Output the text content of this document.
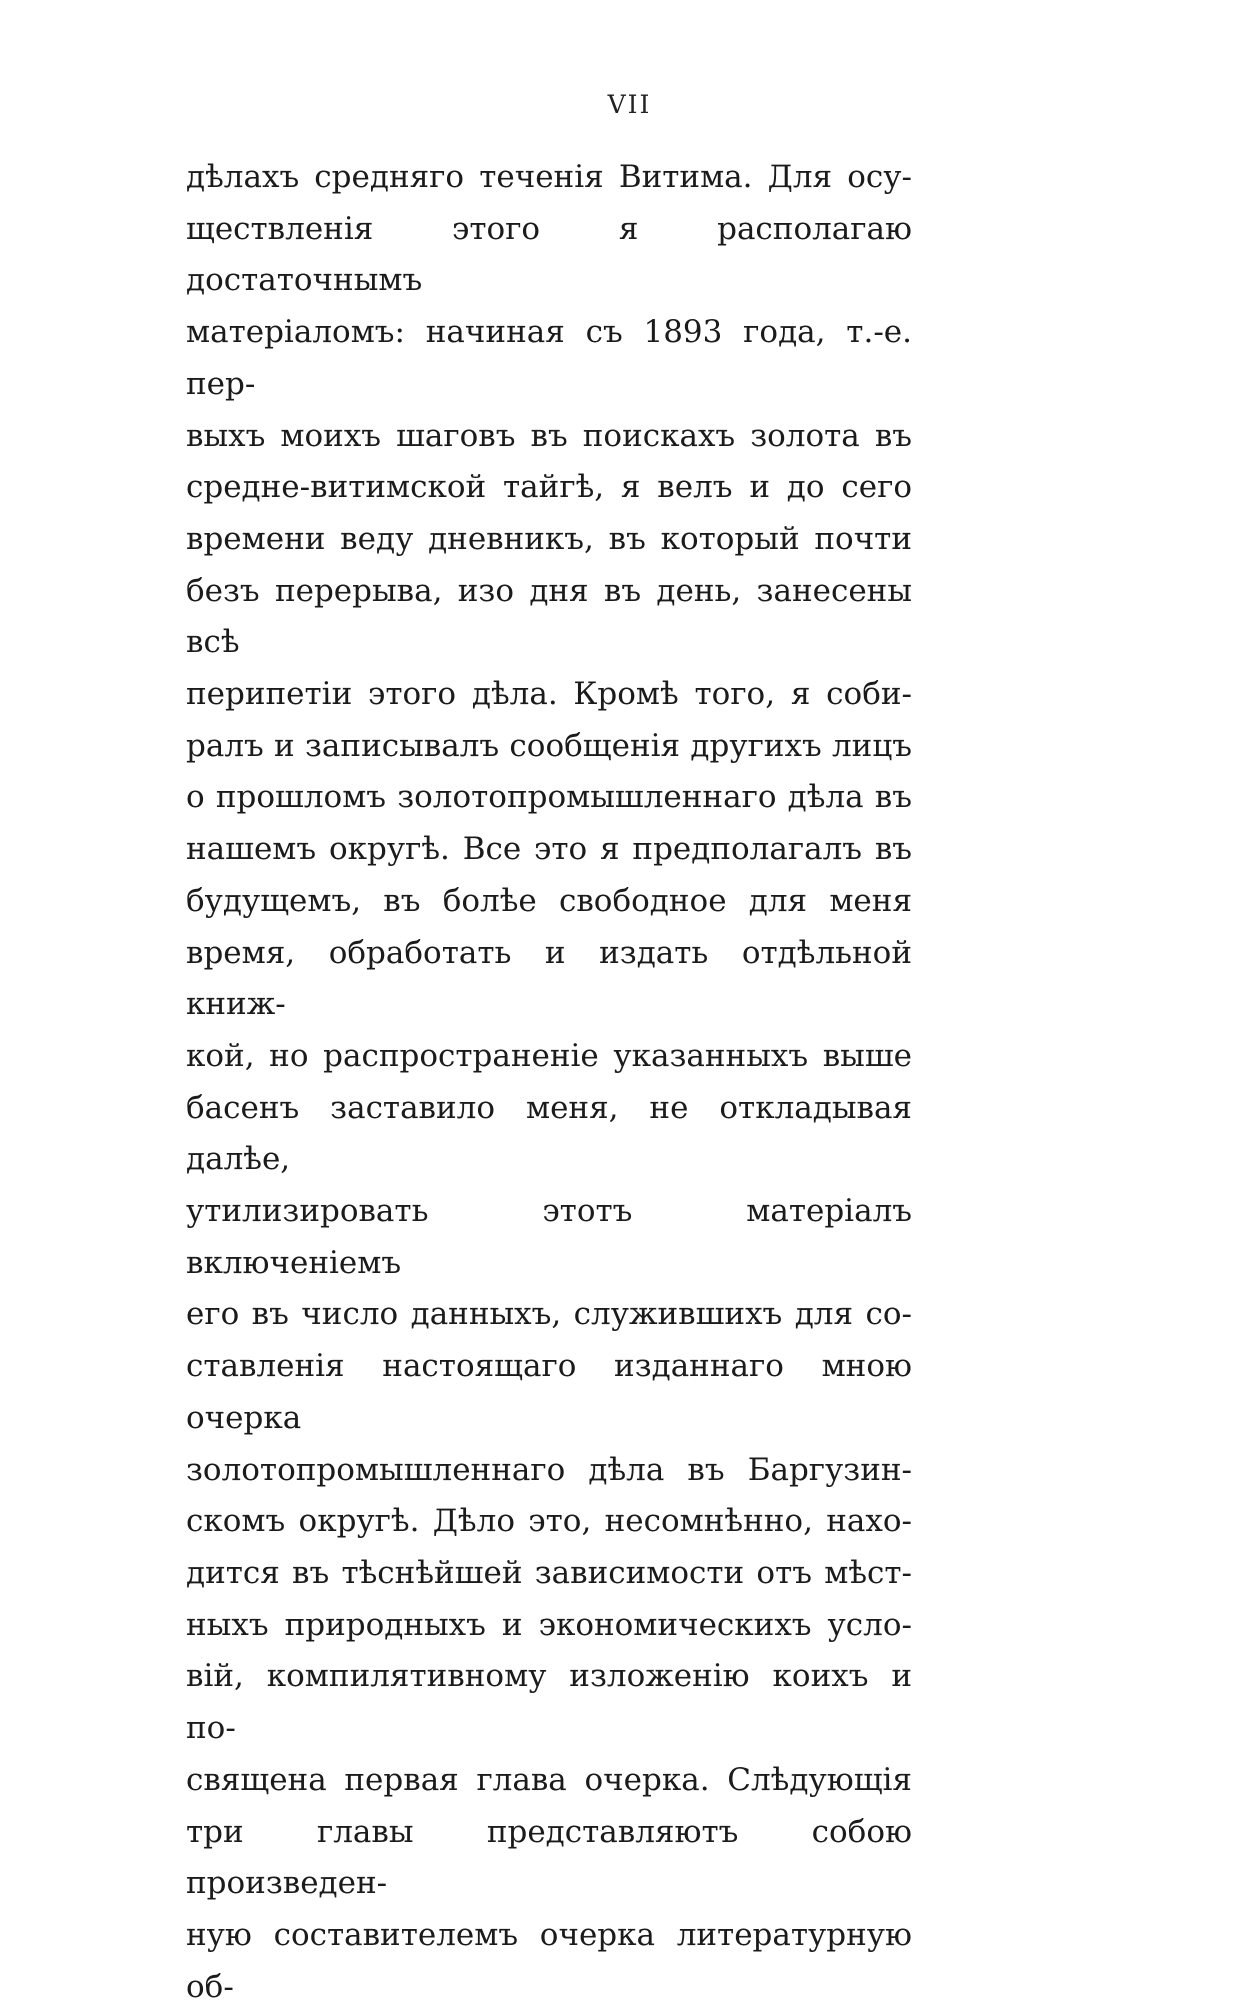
VII
дѣлахъ средняго теченія Витима. Для осу-
ществленія этого я располагаю достаточнымъ
матеріаломъ: начиная съ 1893 года, т.-е. пер-
выхъ моихъ шаговъ въ поискахъ золота въ
средне-витимской тайгѣ, я велъ и до сего
времени веду дневникъ, въ который почти
безъ перерыва, изо дня въ день, занесены всѣ
перипетіи этого дѣла. Кромѣ того, я соби-
ралъ и записывалъ сообщенія другихъ лицъ
о прошломъ золотопромышленнаго дѣла въ
нашемъ округѣ. Все это я предполагалъ въ
будущемъ, въ болѣе свободное для меня
время, обработать и издать отдѣльной книж-
кой, но распространеніе указанныхъ выше
басенъ заставило меня, не откладывая далѣе,
утилизировать этотъ матеріалъ включеніемъ
его въ число данныхъ, служившихъ для со-
ставленія настоящаго изданнаго мною очерка
золотопромышленнаго дѣла въ Баргузин-
скомъ округѣ. Дѣло это, несомнѣнно, нахо-
дится въ тѣснѣйшей зависимости отъ мѣст-
ныхъ природныхъ и экономическихъ усло-
вій, компилятивному изложенію коихъ и по-
священа первая глава очерка. Слѣдующія
три главы представляютъ собою произведен-
ную составителемъ очерка литературную об-
